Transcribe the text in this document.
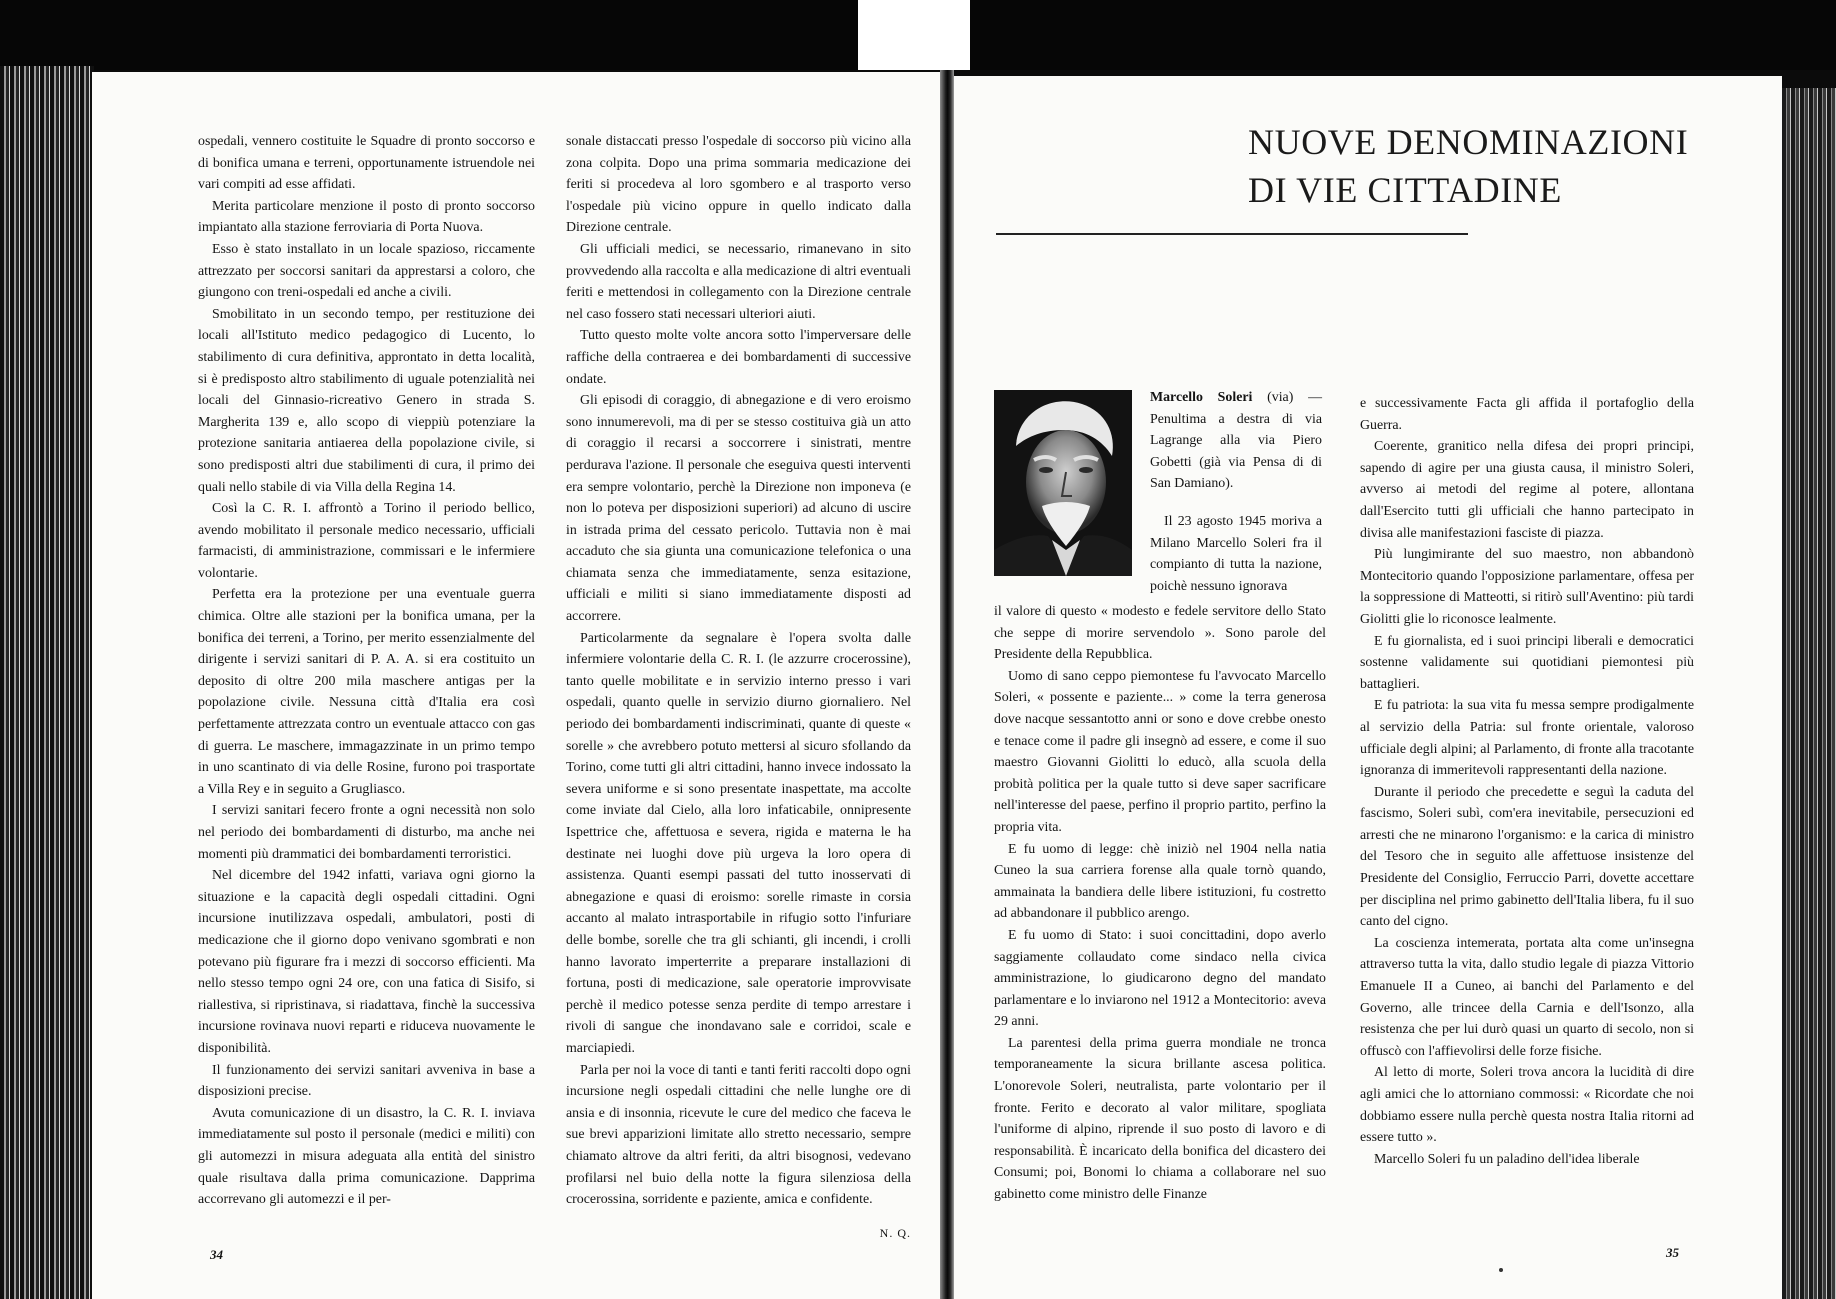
ospedali, vennero costituite le Squadre di pronto soccorso e di bonifica umana e terreni, opportunamente istruendole nei vari compiti ad esse affidati.

Merita particolare menzione il posto di pronto soccorso impiantato alla stazione ferroviaria di Porta Nuova.

Esso è stato installato in un locale spazioso, riccamente attrezzato per soccorsi sanitari da apprestarsi a coloro, che giungono con treni-ospedali ed anche a civili.

Smobilitato in un secondo tempo, per restituzione dei locali all'Istituto medico pedagogico di Lucento, lo stabilimento di cura definitiva, approntato in detta località, si è predisposto altro stabilimento di uguale potenzialità nei locali del Ginnasio-ricreativo Genero in strada S. Margherita 139 e, allo scopo di vieppiù potenziare la protezione sanitaria antiaerea della popolazione civile, si sono predisposti altri due stabilimenti di cura, il primo dei quali nello stabile di via Villa della Regina 14.

Così la C. R. I. affrontò a Torino il periodo bellico, avendo mobilitato il personale medico necessario, ufficiali farmacisti, di amministrazione, commissari e le infermiere volontarie.

Perfetta era la protezione per una eventuale guerra chimica. Oltre alle stazioni per la bonifica umana, per la bonifica dei terreni, a Torino, per merito essenzialmente del dirigente i servizi sanitari di P. A. A. si era costituito un deposito di oltre 200 mila maschere antigas per la popolazione civile. Nessuna città d'Italia era così perfettamente attrezzata contro un eventuale attacco con gas di guerra. Le maschere, immagazzinate in un primo tempo in uno scantinato di via delle Rosine, furono poi trasportate a Villa Rey e in seguito a Grugliasco.

I servizi sanitari fecero fronte a ogni necessità non solo nel periodo dei bombardamenti di disturbo, ma anche nei momenti più drammatici dei bombardamenti terroristici.

Nel dicembre del 1942 infatti, variava ogni giorno la situazione e la capacità degli ospedali cittadini. Ogni incursione inutilizzava ospedali, ambulatori, posti di medicazione che il giorno dopo venivano sgombrati e non potevano più figurare fra i mezzi di soccorso efficienti. Ma nello stesso tempo ogni 24 ore, con una fatica di Sisifo, si riallestiva, si ripristinava, si riadattava, finchè la successiva incursione rovinava nuovi reparti e riduceva nuovamente le disponibilità.

Il funzionamento dei servizi sanitari avveniva in base a disposizioni precise.

Avuta comunicazione di un disastro, la C. R. I. inviava immediatamente sul posto il personale (medici e militi) con gli automezzi in misura adeguata alla entità del sinistro quale risultava dalla prima comunicazione. Dapprima accorrevano gli automezzi e il per-

sonale distaccati presso l'ospedale di soccorso più vicino alla zona colpita. Dopo una prima sommaria medicazione dei feriti si procedeva al loro sgombero e al trasporto verso l'ospedale più vicino oppure in quello indicato dalla Direzione centrale.

Gli ufficiali medici, se necessario, rimanevano in sito provvedendo alla raccolta e alla medicazione di altri eventuali feriti e mettendosi in collegamento con la Direzione centrale nel caso fossero stati necessari ulteriori aiuti.

Tutto questo molte volte ancora sotto l'imperversare delle raffiche della contraerea e dei bombardamenti di successive ondate.

Gli episodi di coraggio, di abnegazione e di vero eroismo sono innumerevoli, ma di per se stesso costituiva già un atto di coraggio il recarsi a soccorrere i sinistrati, mentre perdurava l'azione. Il personale che eseguiva questi interventi era sempre volontario, perchè la Direzione non imponeva (e non lo poteva per disposizioni superiori) ad alcuno di uscire in istrada prima del cessato pericolo. Tuttavia non è mai accaduto che sia giunta una comunicazione telefonica o una chiamata senza che immediatamente, senza esitazione, ufficiali e militi si siano immediatamente disposti ad accorrere.

Particolarmente da segnalare è l'opera svolta dalle infermiere volontarie della C. R. I. (le azzurre crocerossine), tanto quelle mobilitate e in servizio interno presso i vari ospedali, quanto quelle in servizio diurno giornaliero. Nel periodo dei bombardamenti indiscriminati, quante di queste « sorelle » che avrebbero potuto mettersi al sicuro sfollando da Torino, come tutti gli altri cittadini, hanno invece indossato la severa uniforme e si sono presentate inaspettate, ma accolte come inviate dal Cielo, alla loro infaticabile, onnipresente Ispettrice che, affettuosa e severa, rigida e materna le ha destinate nei luoghi dove più urgeva la loro opera di assistenza. Quanti esempi passati del tutto inosservati di abnegazione e quasi di eroismo: sorelle rimaste in corsia accanto al malato intrasportabile in rifugio sotto l'infuriare delle bombe, sorelle che tra gli schianti, gli incendi, i crolli hanno lavorato imperterrite a preparare installazioni di fortuna, posti di medicazione, sale operatorie improvvisate perchè il medico potesse senza perdite di tempo arrestare i rivoli di sangue che inondavano sale e corridoi, scale e marciapiedi.

Parla per noi la voce di tanti e tanti feriti raccolti dopo ogni incursione negli ospedali cittadini che nelle lunghe ore di ansia e di insonnia, ricevute le cure del medico che faceva le sue brevi apparizioni limitate allo stretto necessario, sempre chiamato altrove da altri feriti, da altri bisognosi, vedevano profilarsi nel buio della notte la figura silenziosa della crocerossina, sorridente e paziente, amica e confidente.

N. Q.

34
NUOVE DENOMINAZIONI
DI VIE CITTADINE

Marcello Soleri (via) — Penultima a destra di via Lagrange alla via Piero Gobetti (già via Pensa di di San Damiano).

Il 23 agosto 1945 moriva a Milano Marcello Soleri fra il compianto di tutta la nazione, poichè nessuno ignorava

il valore di questo « modesto e fedele servitore dello Stato che seppe di morire servendolo ». Sono parole del Presidente della Repubblica.

Uomo di sano ceppo piemontese fu l'avvocato Marcello Soleri, « possente e paziente... » come la terra generosa dove nacque sessantotto anni or sono e dove crebbe onesto e tenace come il padre gli insegnò ad essere, e come il suo maestro Giovanni Giolitti lo educò, alla scuola della probità politica per la quale tutto si deve saper sacrificare nell'interesse del paese, perfino il proprio partito, perfino la propria vita.

E fu uomo di legge: chè iniziò nel 1904 nella natia Cuneo la sua carriera forense alla quale tornò quando, ammainata la bandiera delle libere istituzioni, fu costretto ad abbandonare il pubblico arengo.

E fu uomo di Stato: i suoi concittadini, dopo averlo saggiamente collaudato come sindaco nella civica amministrazione, lo giudicarono degno del mandato parlamentare e lo inviarono nel 1912 a Montecitorio: aveva 29 anni.

La parentesi della prima guerra mondiale ne tronca temporaneamente la sicura brillante ascesa politica. L'onorevole Soleri, neutralista, parte volontario per il fronte. Ferito e decorato al valor militare, spogliata l'uniforme di alpino, riprende il suo posto di lavoro e di responsabilità. È incaricato della bonifica del dicastero dei Consumi; poi, Bonomi lo chiama a collaborare nel suo gabinetto come ministro delle Finanze

e successivamente Facta gli affida il portafoglio della Guerra.

Coerente, granitico nella difesa dei propri principi, sapendo di agire per una giusta causa, il ministro Soleri, avverso ai metodi del regime al potere, allontana dall'Esercito tutti gli ufficiali che hanno partecipato in divisa alle manifestazioni fasciste di piazza.

Più lungimirante del suo maestro, non abbandonò Montecitorio quando l'opposizione parlamentare, offesa per la soppressione di Matteotti, si ritirò sull'Aventino: più tardi Giolitti glie lo riconosce lealmente.

E fu giornalista, ed i suoi principi liberali e democratici sostenne validamente sui quotidiani piemontesi più battaglieri.

E fu patriota: la sua vita fu messa sempre prodigalmente al servizio della Patria: sul fronte orientale, valoroso ufficiale degli alpini; al Parlamento, di fronte alla tracotante ignoranza di immeritevoli rappresentanti della nazione.

Durante il periodo che precedette e seguì la caduta del fascismo, Soleri subì, com'era inevitabile, persecuzioni ed arresti che ne minarono l'organismo: e la carica di ministro del Tesoro che in seguito alle affettuose insistenze del Presidente del Consiglio, Ferruccio Parri, dovette accettare per disciplina nel primo gabinetto dell'Italia libera, fu il suo canto del cigno.

La coscienza intemerata, portata alta come un'insegna attraverso tutta la vita, dallo studio legale di piazza Vittorio Emanuele II a Cuneo, ai banchi del Parlamento e del Governo, alle trincee della Carnia e dell'Isonzo, alla resistenza che per lui durò quasi un quarto di secolo, non si offuscò con l'affievolirsi delle forze fisiche.

Al letto di morte, Soleri trova ancora la lucidità di dire agli amici che lo attorniano commossi: « Ricordate che noi dobbiamo essere nulla perchè questa nostra Italia ritorni ad essere tutto ».

Marcello Soleri fu un paladino dell'idea liberale

35
